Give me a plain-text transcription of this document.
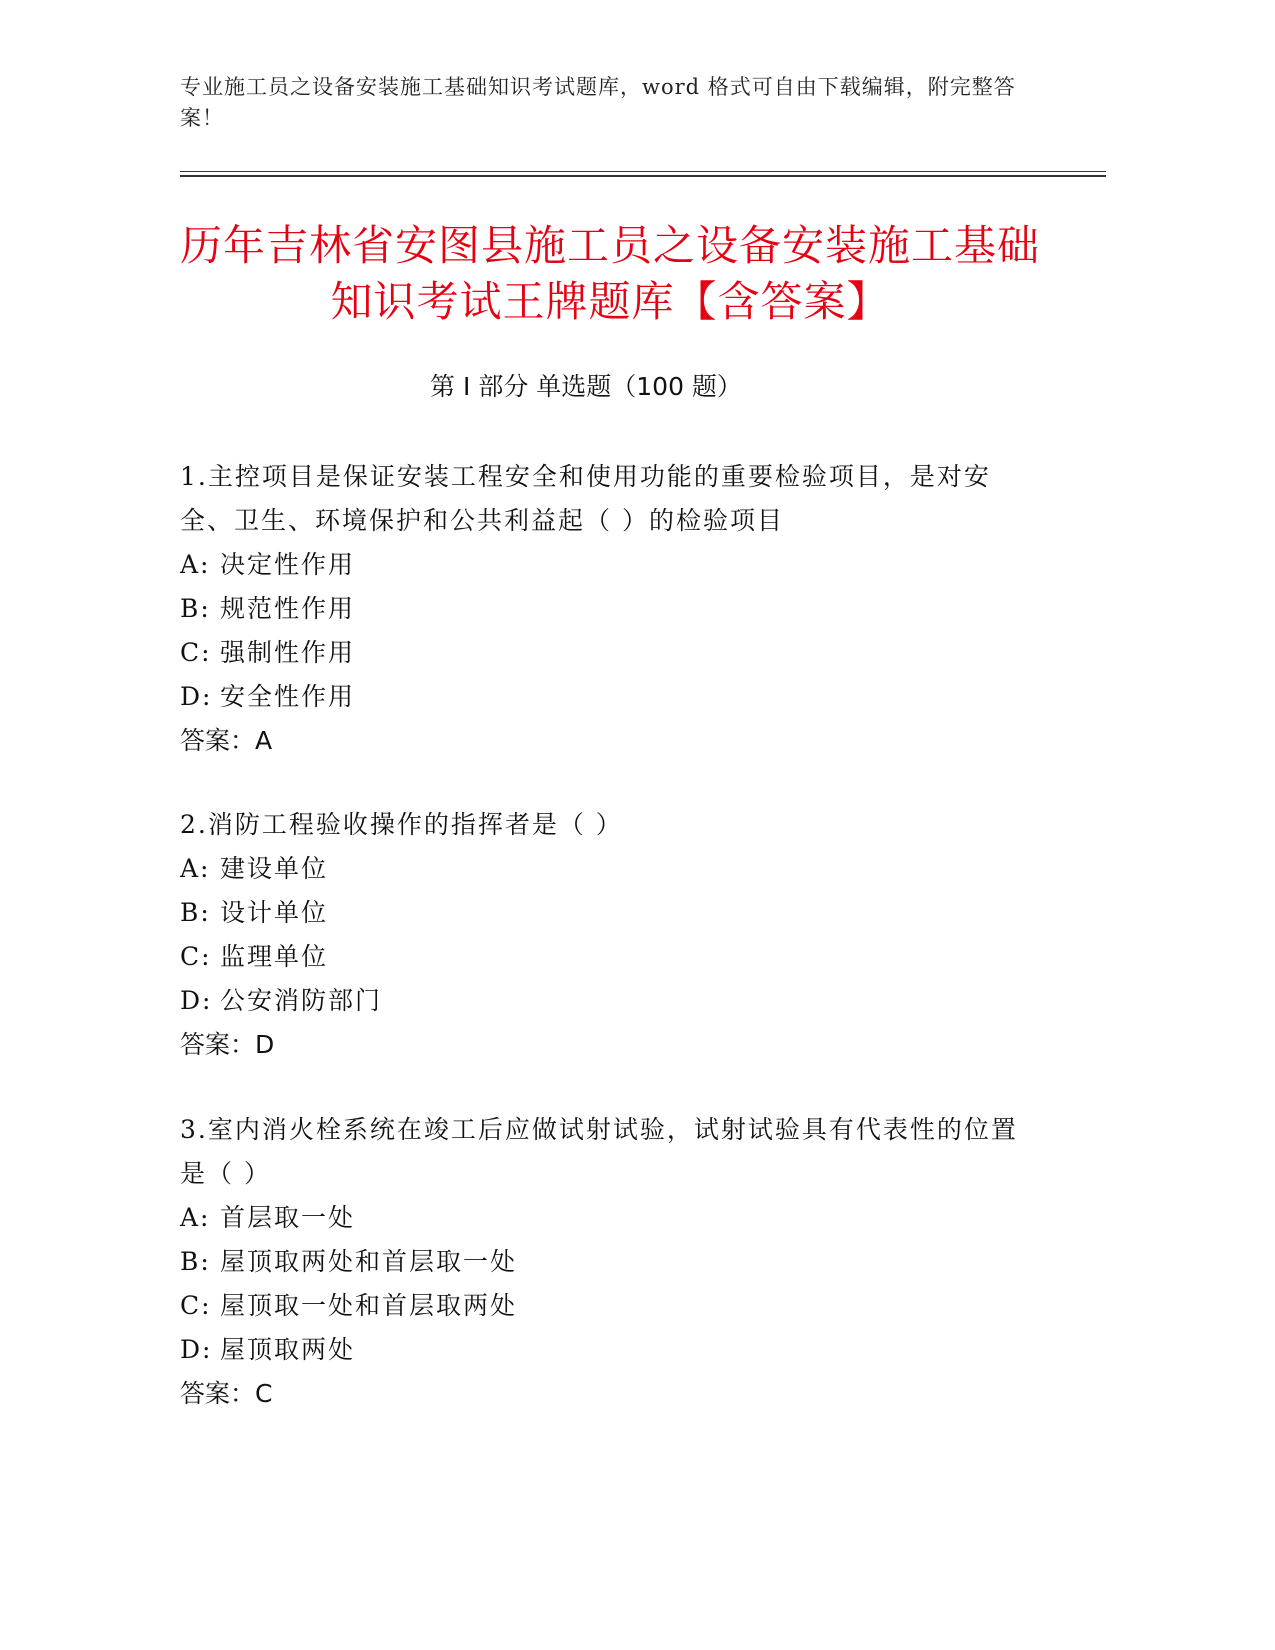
专业施工员之设备安装施工基础知识考试题库，word 格式可自由下载编辑，附完整答案！
历年吉林省安图县施工员之设备安装施工基础知识考试王牌题库【含答案】
第 I 部分 单选题（100 题）

1.主控项目是保证安装工程安全和使用功能的重要检验项目，是对安全、卫生、环境保护和公共利益起（ ）的检验项目

A: 决定性作用

B: 规范性作用

C: 强制性作用

D: 安全性作用

答案：A

2.消防工程验收操作的指挥者是（ ）

A: 建设单位

B: 设计单位

C: 监理单位

D: 公安消防部门

答案：D

3.室内消火栓系统在竣工后应做试射试验，试射试验具有代表性的位置是（ ）

A: 首层取一处

B: 屋顶取两处和首层取一处

C: 屋顶取一处和首层取两处

D: 屋顶取两处

答案：C
